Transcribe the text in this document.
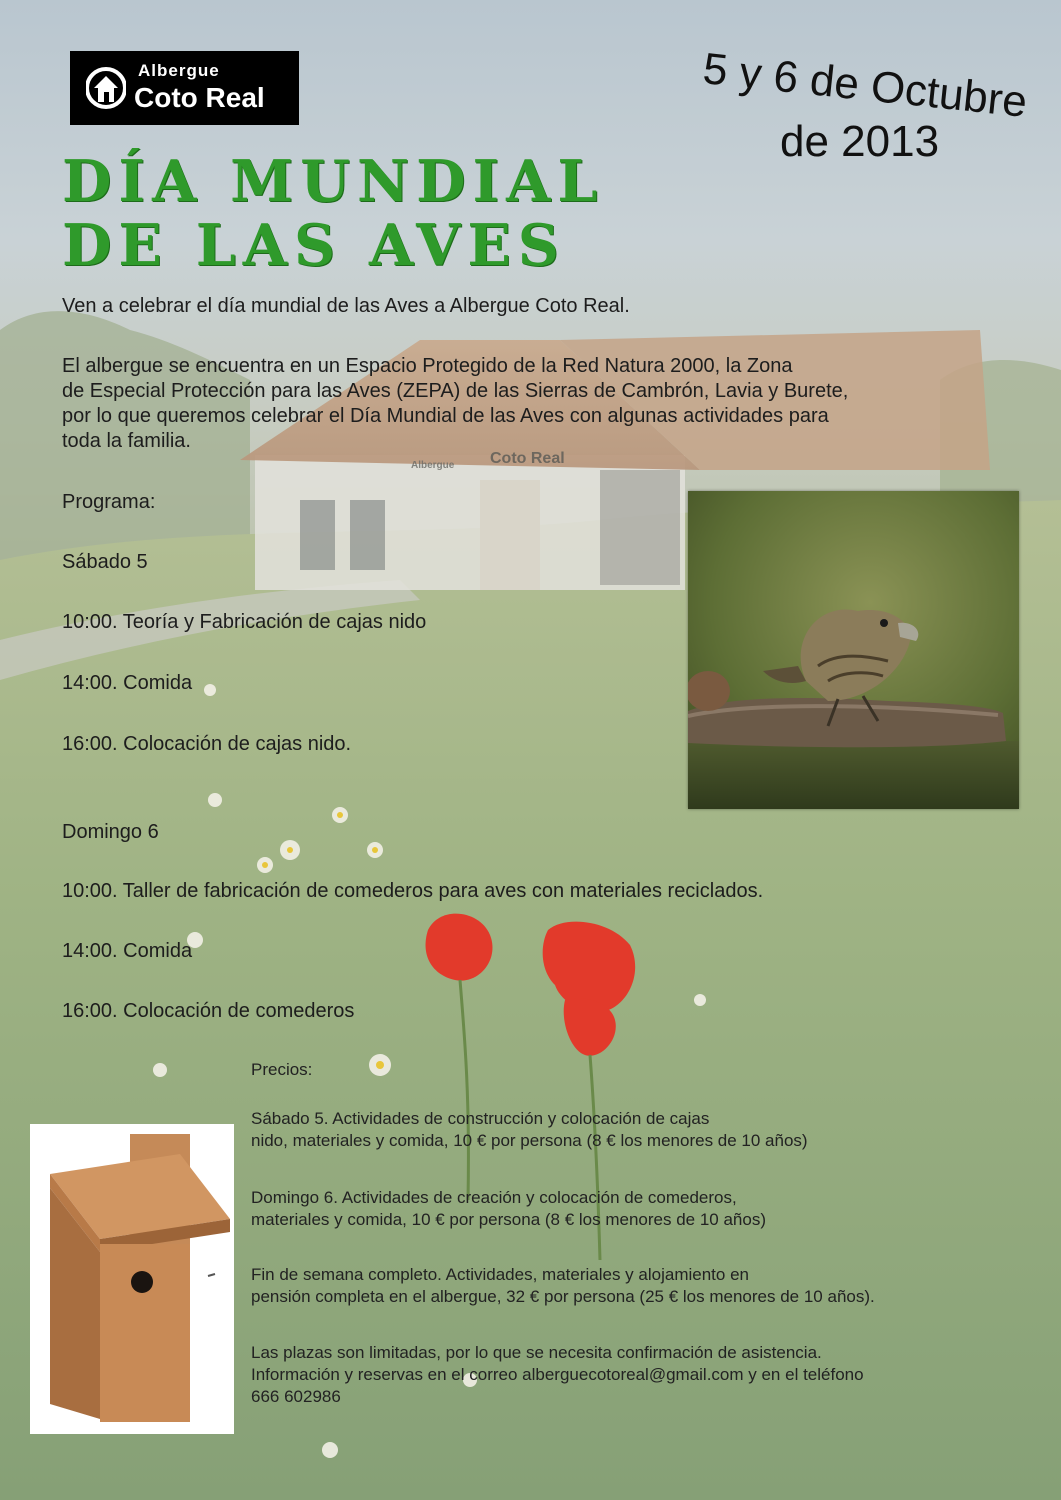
Albergue
Coto Real	5 y 6 de Octubre
de 2013
DÍA MUNDIAL
DE LAS AVES

Ven a celebrar el día mundial de las Aves a Albergue Coto Real.

El albergue se encuentra en un Espacio Protegido de la Red Natura 2000, la Zona

de Especial Protección para las Aves (ZEPA) de las Sierras de Cambrón, Lavia y Burete,

por lo que queremos celebrar el Día Mundial de las Aves con algunas actividades para

toda la familia.

Programa:

Sábado 5

10:00. Teoría y Fabricación de cajas nido

14:00. Comida

16:00. Colocación de cajas nido.

Domingo 6

10:00. Taller de fabricación de comederos para aves con materiales reciclados.

14:00. Comida

16:00. Colocación de comederos

Precios:

Sábado 5. Actividades de construcción y colocación de cajas

nido, materiales y comida, 10 € por persona (8 € los menores de 10 años)

Domingo 6. Actividades de creación y colocación de comederos,

materiales y comida, 10 € por persona (8 € los menores de 10 años)

Fin de semana completo. Actividades, materiales y alojamiento en

pensión completa en el albergue, 32 € por persona (25 € los menores de 10 años).

Las plazas son limitadas, por lo que se necesita confirmación de asistencia.

Información y reservas en el correo alberguecotoreal@gmail.com y en el teléfono

666 602986

Albergue Coto Real
